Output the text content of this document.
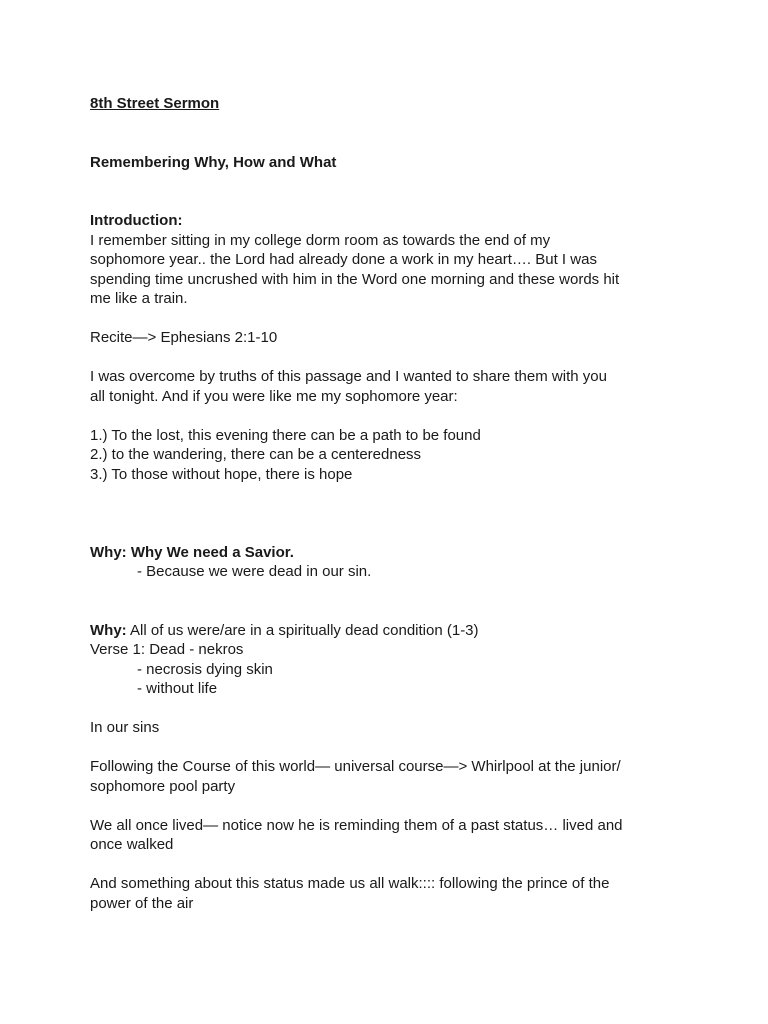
8th Street Sermon
Remembering Why, How and What
Introduction:
I remember sitting in my college dorm room as towards the end of my
sophomore year.. the Lord had already done a work in my heart…. But I was
spending time uncrushed with him in the Word one morning and these words hit
me like a train.
Recite—> Ephesians 2:1-10
I was overcome by truths of this passage and I wanted to share them with you
all tonight. And if you were like me my sophomore year:
1.) To the lost, this evening there can be a path to be found
2.) to the wandering, there can be a centeredness
3.) To those without hope, there is hope
Why: Why We need a Savior.
- Because we were dead in our sin.
Why: All of us were/are in a spiritually dead condition (1-3)
Verse 1: Dead - nekros
- necrosis dying skin
- without life
In our sins
Following the Course of this world— universal course—> Whirlpool at the junior/
sophomore pool party
We all once lived— notice now he is reminding them of a past status… lived and
once walked
And something about this status made us all walk:::: following the prince of the
power of the air
